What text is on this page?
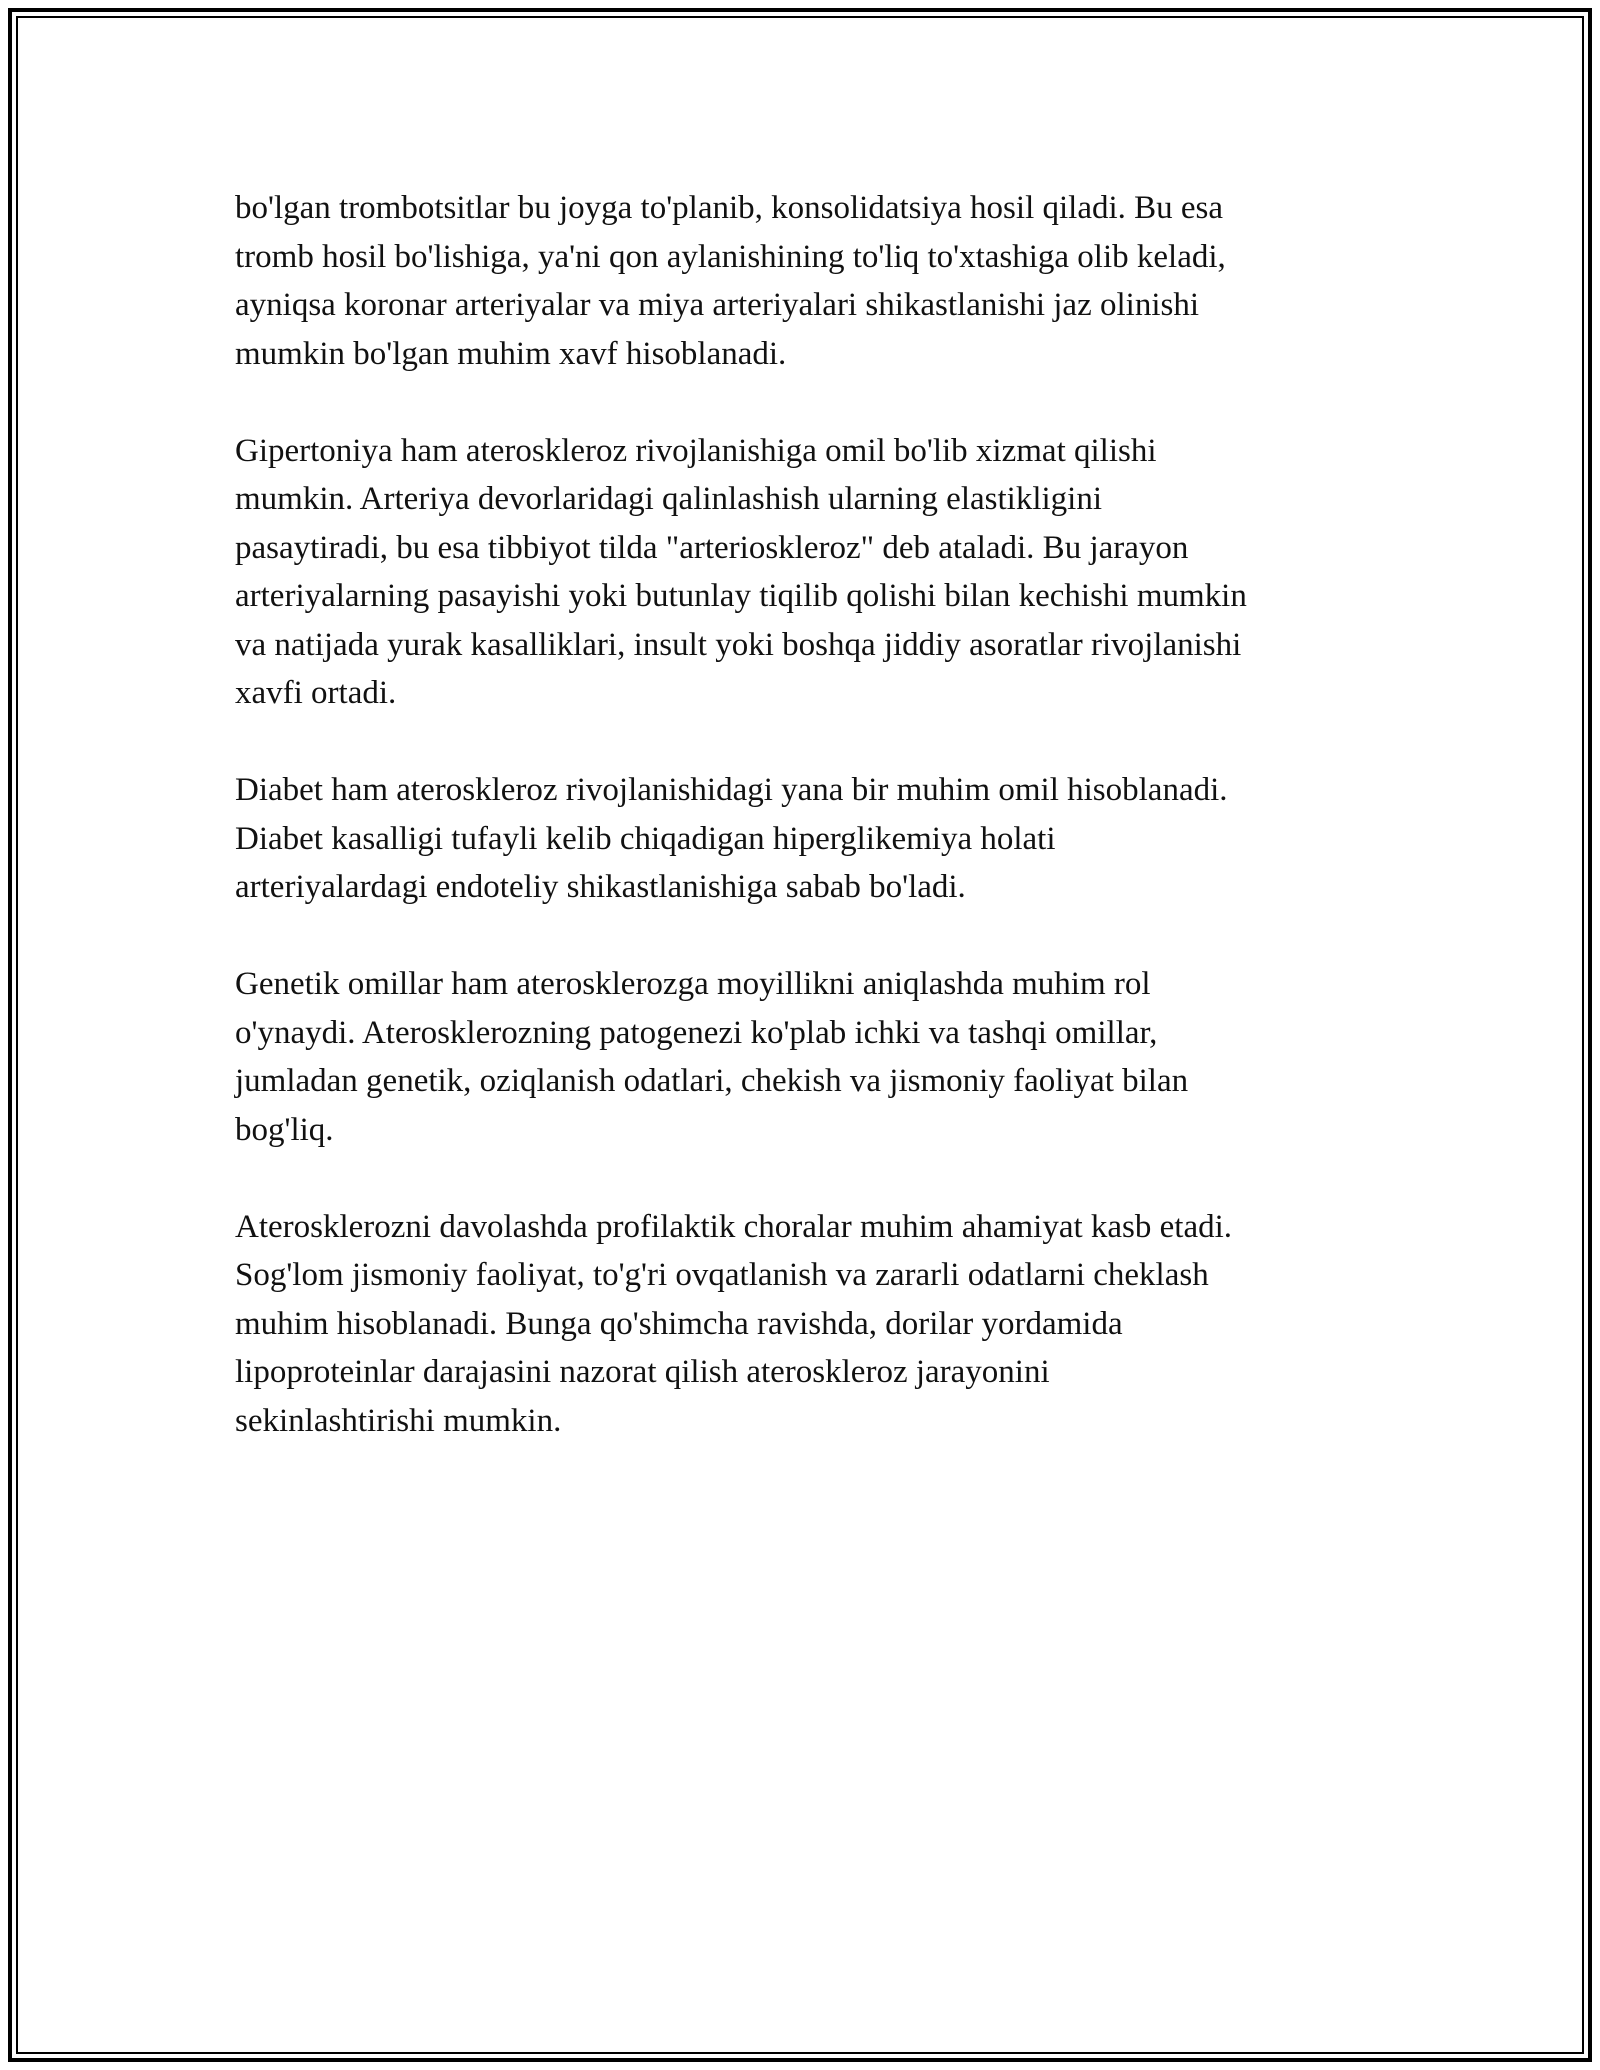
bo'lgan trombotsitlar bu joyga to'planib, konsolidatsiya hosil qiladi. Bu esa
tromb hosil bo'lishiga, ya'ni qon aylanishining to'liq to'xtashiga olib keladi,
ayniqsa koronar arteriyalar va miya arteriyalari shikastlanishi jaz olinishi
mumkin bo'lgan muhim xavf hisoblanadi.

Gipertoniya ham ateroskleroz rivojlanishiga omil bo'lib xizmat qilishi
mumkin. Arteriya devorlaridagi qalinlashish ularning elastikligini
pasaytiradi, bu esa tibbiyot tilda "arterioskleroz" deb ataladi. Bu jarayon
arteriyalarning pasayishi yoki butunlay tiqilib qolishi bilan kechishi mumkin
va natijada yurak kasalliklari, insult yoki boshqa jiddiy asoratlar rivojlanishi
xavfi ortadi.

Diabet ham ateroskleroz rivojlanishidagi yana bir muhim omil hisoblanadi.
Diabet kasalligi tufayli kelib chiqadigan hiperglikemiya holati
arteriyalardagi endoteliy shikastlanishiga sabab bo'ladi.

Genetik omillar ham aterosklerozga moyillikni aniqlashda muhim rol
o'ynaydi. Aterosklerozning patogenezi ko'plab ichki va tashqi omillar,
jumladan genetik, oziqlanish odatlari, chekish va jismoniy faoliyat bilan
bog'liq.

Aterosklerozni davolashda profilaktik choralar muhim ahamiyat kasb etadi.
Sog'lom jismoniy faoliyat, to'g'ri ovqatlanish va zararli odatlarni cheklash
muhim hisoblanadi. Bunga qo'shimcha ravishda, dorilar yordamida
lipoproteinlar darajasini nazorat qilish ateroskleroz jarayonini
sekinlashtirishi mumkin.
